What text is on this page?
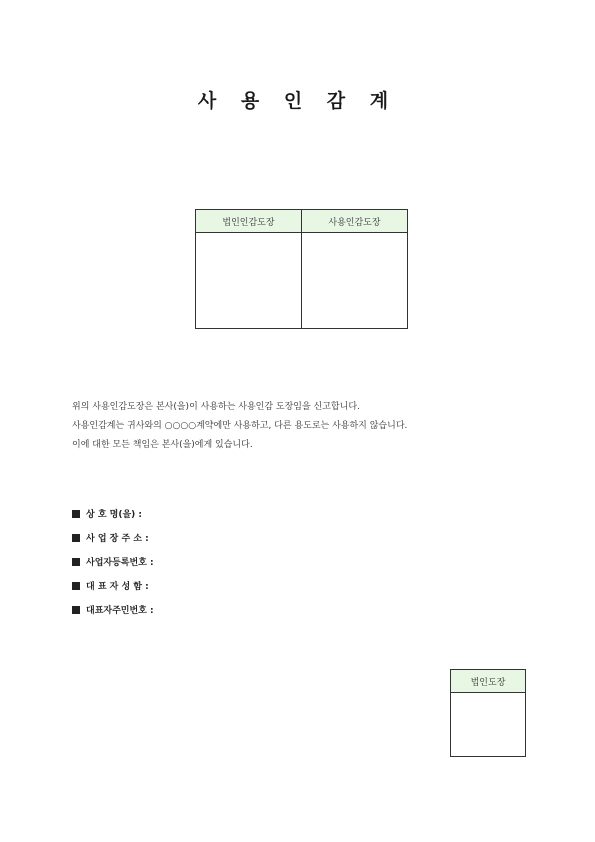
사 용 인 감 계
법인인감도장	사용인감도장

위의 사용인감도장은 본사(을)이 사용하는 사용인감 도장임을 신고합니다.
사용인감계는 귀사와의 ○○○○계약에만 사용하고, 다른 용도로는 사용하지 않습니다.
이에 대한 모든 책임은 본사(을)에게 있습니다.
상 호 명(을) :
사 업 장 주 소 :
사업자등록번호 :
대 표 자 성 함 :
대표자주민번호 :
법인도장
